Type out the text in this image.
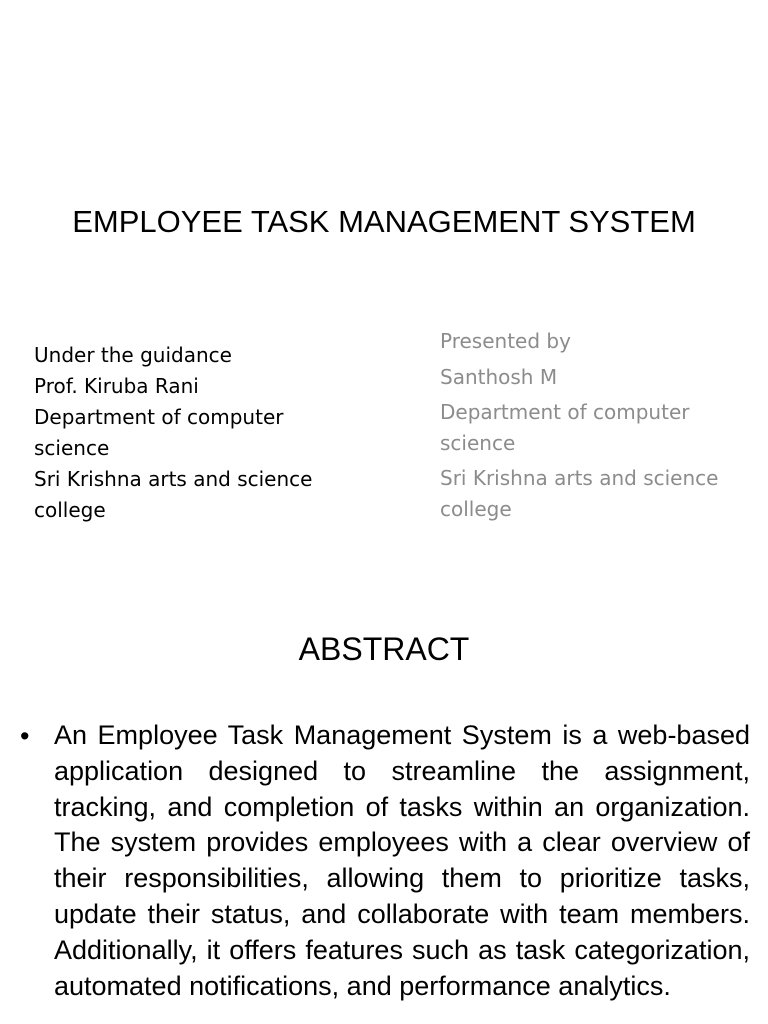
EMPLOYEE TASK MANAGEMENT SYSTEM
Under the guidance
Prof. Kiruba Rani
Department of computer science
Sri Krishna arts and science college
Presented by
Santhosh M
Department of computer science
Sri Krishna arts and science college
ABSTRACT
• An Employee Task Management System is a web-based application designed to streamline the assignment, tracking, and completion of tasks within an organization. The system provides employees with a clear overview of their responsibilities, allowing them to prioritize tasks, update their status, and collaborate with team members. Additionally, it offers features such as task categorization, automated notifications, and performance analytics.
